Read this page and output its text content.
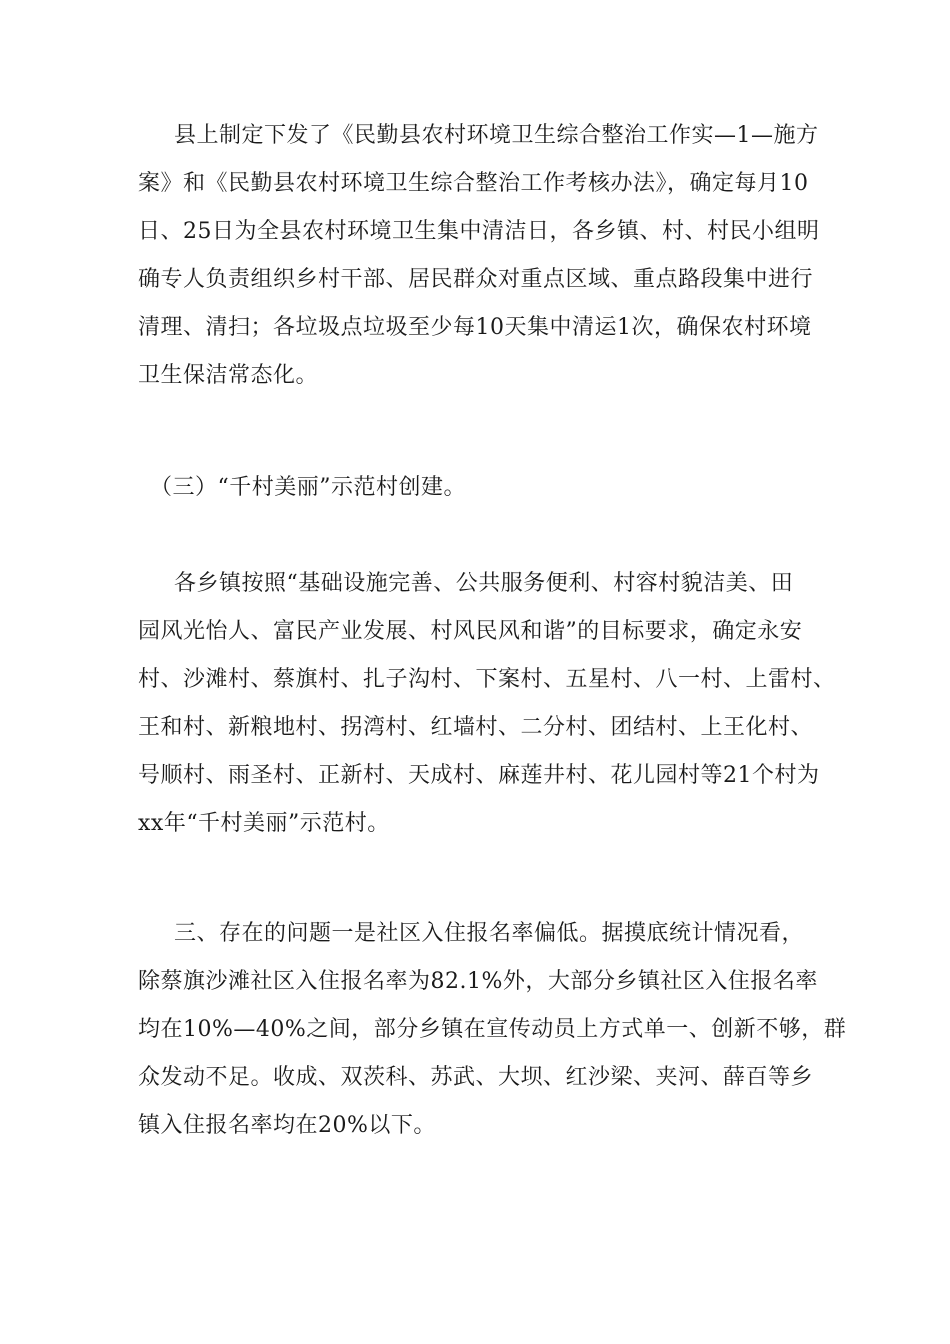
县上制定下发了《民勤县农村环境卫生综合整治工作实—1—施方
案》和《民勤县农村环境卫生综合整治工作考核办法》，确定每月10
日、25日为全县农村环境卫生集中清洁日，各乡镇、村、村民小组明
确专人负责组织乡村干部、居民群众对重点区域、重点路段集中进行
清理、清扫；各垃圾点垃圾至少每10天集中清运1次，确保农村环境
卫生保洁常态化。
（三）“千村美丽”示范村创建。
各乡镇按照“基础设施完善、公共服务便利、村容村貌洁美、田
园风光怡人、富民产业发展、村风民风和谐”的目标要求，确定永安
村、沙滩村、蔡旗村、扎子沟村、下案村、五星村、八一村、上雷村、
王和村、新粮地村、拐湾村、红墙村、二分村、团结村、上王化村、
号顺村、雨圣村、正新村、天成村、麻莲井村、花儿园村等21个村为
xx年“千村美丽”示范村。
三、存在的问题一是社区入住报名率偏低。据摸底统计情况看，
除蔡旗沙滩社区入住报名率为82.1%外，大部分乡镇社区入住报名率
均在10%—40%之间，部分乡镇在宣传动员上方式单一、创新不够，群
众发动不足。收成、双茨科、苏武、大坝、红沙梁、夹河、薛百等乡
镇入住报名率均在20%以下。
